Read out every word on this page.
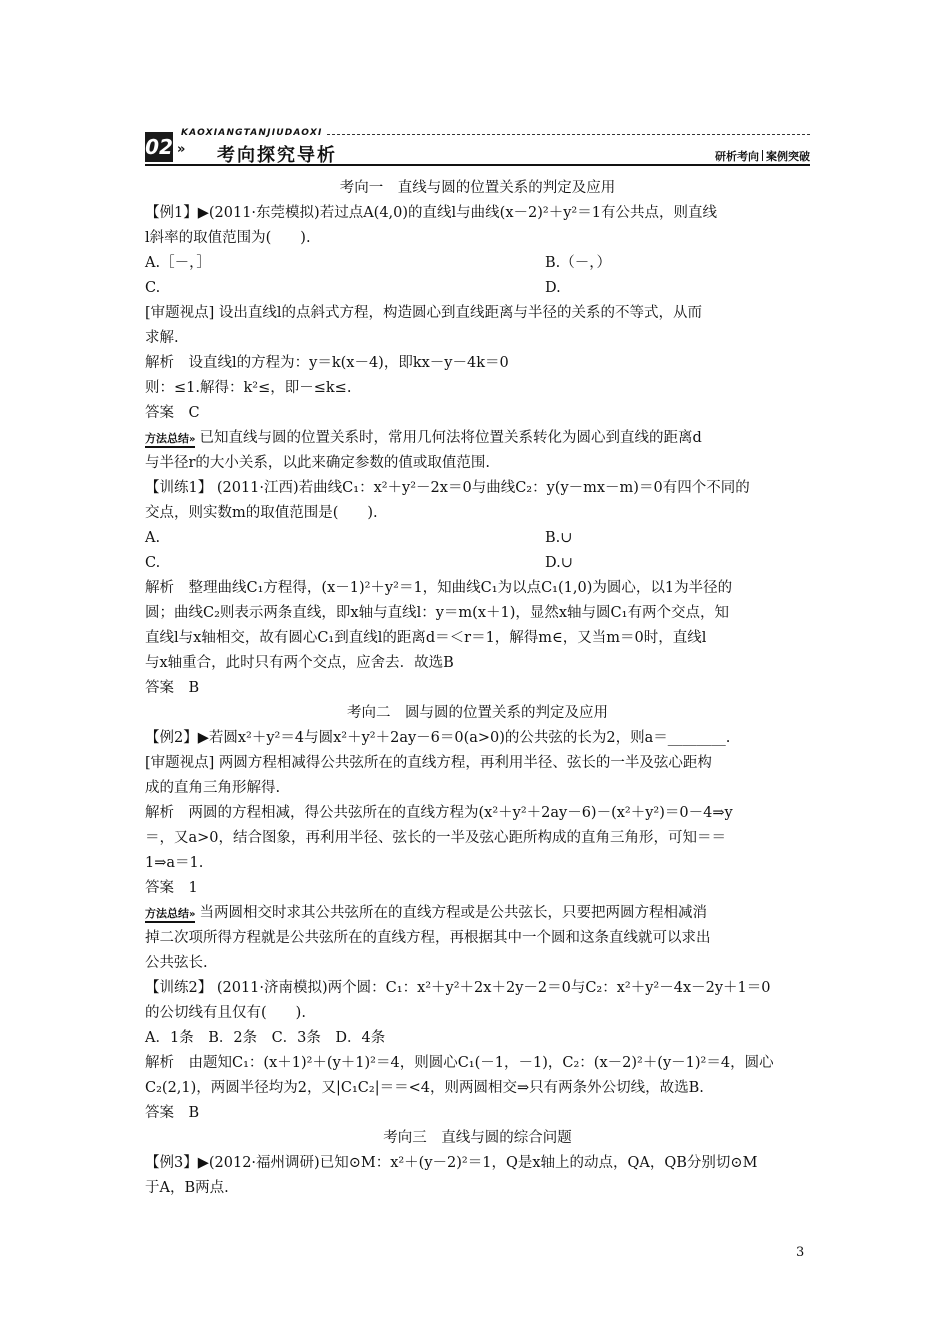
02
KAOXIANGTANJIUDAOXI
» 考向探究导析	研析考向 案例突破
考向一　直线与圆的位置关系的判定及应用
【例1】▶(2011·东莞模拟)若过点A(4,0)的直线l与曲线(x－2)²＋y²＝1有公共点，则直线
l斜率的取值范围为(　　).
A.［－，］	B.（－，）
C.	D.
[审题视点] 设出直线l的点斜式方程，构造圆心到直线距离与半径的关系的不等式，从而
求解.
解析　设直线l的方程为：y＝k(x－4)，即kx－y－4k＝0
则：≤1.解得：k²≤，即－≤k≤.
答案　C
方法总结» 已知直线与圆的位置关系时，常用几何法将位置关系转化为圆心到直线的距离d
与半径r的大小关系，以此来确定参数的值或取值范围.
【训练1】 (2011·江西)若曲线C₁：x²＋y²－2x＝0与曲线C₂：y(y－mx－m)＝0有四个不同的
交点，则实数m的取值范围是(　　).
A.	B.∪
C.	D.∪
解析　整理曲线C₁方程得，(x－1)²＋y²＝1，知曲线C₁为以点C₁(1,0)为圆心，以1为半径的
圆；曲线C₂则表示两条直线，即x轴与直线l：y＝m(x＋1)，显然x轴与圆C₁有两个交点，知
直线l与x轴相交，故有圆心C₁到直线l的距离d＝＜r＝1，解得m∈，又当m＝0时，直线l
与x轴重合，此时只有两个交点，应舍去．故选B
答案　B
考向二　圆与圆的位置关系的判定及应用
【例2】▶若圆x²＋y²＝4与圆x²＋y²＋2ay－6＝0(a>0)的公共弦的长为2，则a＝________.
[审题视点] 两圆方程相减得公共弦所在的直线方程，再利用半径、弦长的一半及弦心距构
成的直角三角形解得.
解析　两圆的方程相减，得公共弦所在的直线方程为(x²＋y²＋2ay－6)－(x²＋y²)＝0－4⇒y
＝，又a>0，结合图象，再利用半径、弦长的一半及弦心距所构成的直角三角形，可知＝＝
1⇒a＝1.
答案　1
方法总结» 当两圆相交时求其公共弦所在的直线方程或是公共弦长，只要把两圆方程相减消
掉二次项所得方程就是公共弦所在的直线方程，再根据其中一个圆和这条直线就可以求出
公共弦长.
【训练2】 (2011·济南模拟)两个圆：C₁：x²＋y²＋2x＋2y－2＝0与C₂：x²＋y²－4x－2y＋1＝0
的公切线有且仅有(　　).
A．1条　B．2条　C．3条　D．4条
解析　由题知C₁：(x＋1)²＋(y＋1)²＝4，则圆心C₁(－1，－1)，C₂：(x－2)²＋(y－1)²＝4，圆心
C₂(2,1)，两圆半径均为2，又|C₁C₂|＝＝<4，则两圆相交⇒只有两条外公切线，故选B.
答案　B
考向三　直线与圆的综合问题
【例3】▶(2012·福州调研)已知⊙M：x²＋(y－2)²＝1，Q是x轴上的动点，QA，QB分别切⊙M
于A，B两点.
3
